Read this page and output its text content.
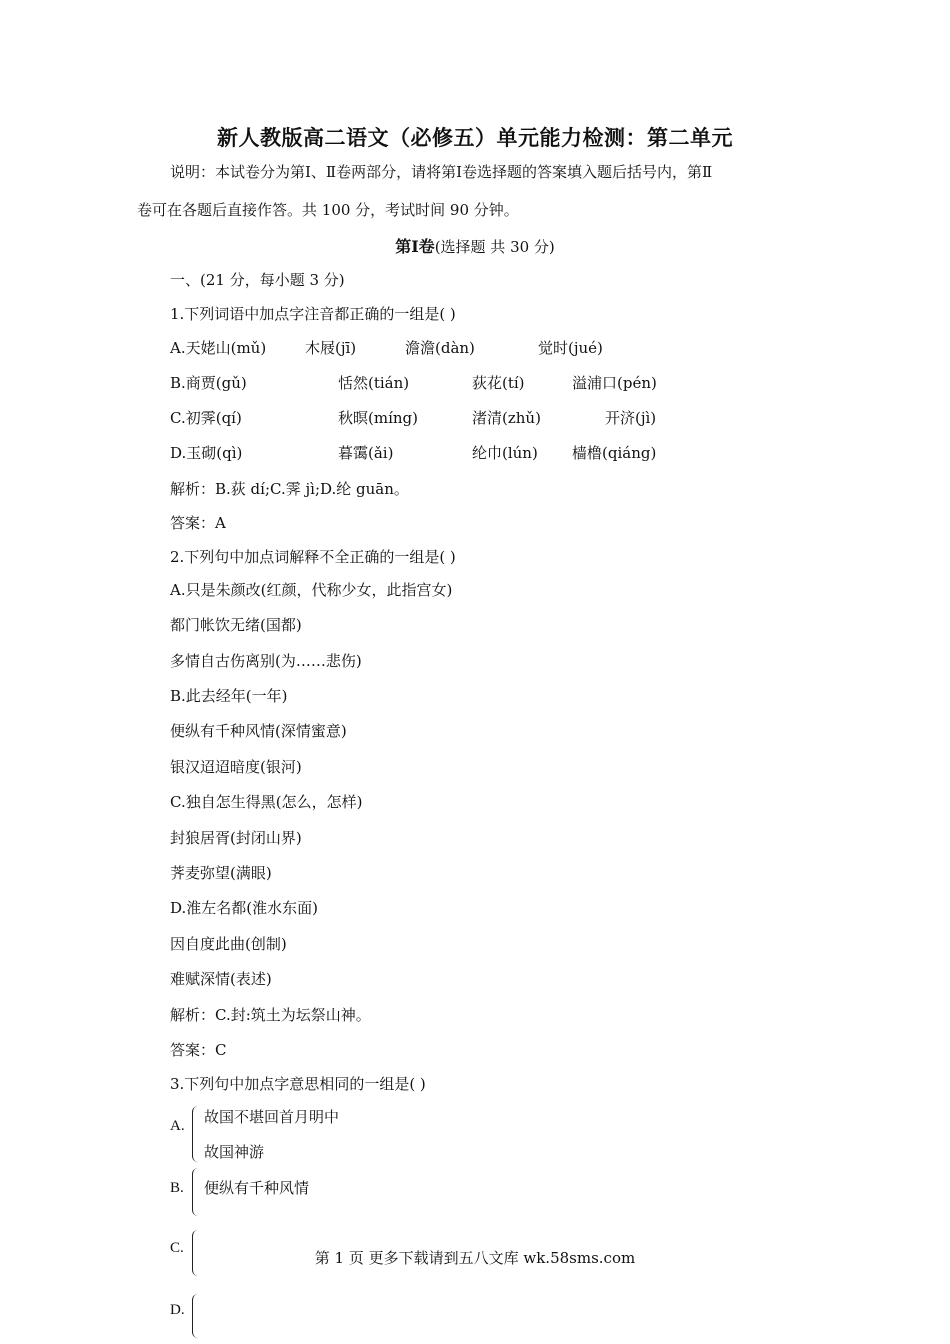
新人教版高二语文（必修五）单元能力检测：第二单元
说明：本试卷分为第Ⅰ、Ⅱ卷两部分，请将第Ⅰ卷选择题的答案填入题后括号内，第Ⅱ
卷可在各题后直接作答。共 100 分，考试时间 90 分钟。
第Ⅰ卷(选择题 共 30 分)
一、(21 分，每小题 3 分)
1.下列词语中加点字注音都正确的一组是( )
A.天姥山(mǔ)	木屐(jī)	澹澹(dàn)	觉时(jué)
B.商贾(gǔ)	恬然(tián)	荻花(tí)	溢浦口(pén)
C.初霁(qí)	秋暝(míng)	渚清(zhǔ)	开济(jì)
D.玉砌(qì)	暮霭(ǎi)	纶巾(lún) 樯橹(qiáng)
解析：B.荻 dí;C.霁 jì;D.纶 guān。
答案：A
2.下列句中加点词解释不全正确的一组是( )
A.只是朱颜改(红颜，代称少女，此指宫女)
都门帐饮无绪(国都)
多情自古伤离别(为……悲伤)
B.此去经年(一年)
便纵有千种风情(深情蜜意)
银汉迢迢暗度(银河)
C.独自怎生得黑(怎么，怎样)
封狼居胥(封闭山界)
荠麦弥望(满眼)
D.淮左名都(淮水东面)
因自度此曲(创制)
难赋深情(表述)
解析：C.封:筑土为坛祭山神。
答案：C
3.下列句中加点字意思相同的一组是( )
A. 故国不堪回首月明中
故国神游
B. 便纵有千种风情
C.
D.
第 1 页 更多下载请到五八文库 wk.58sms.com
